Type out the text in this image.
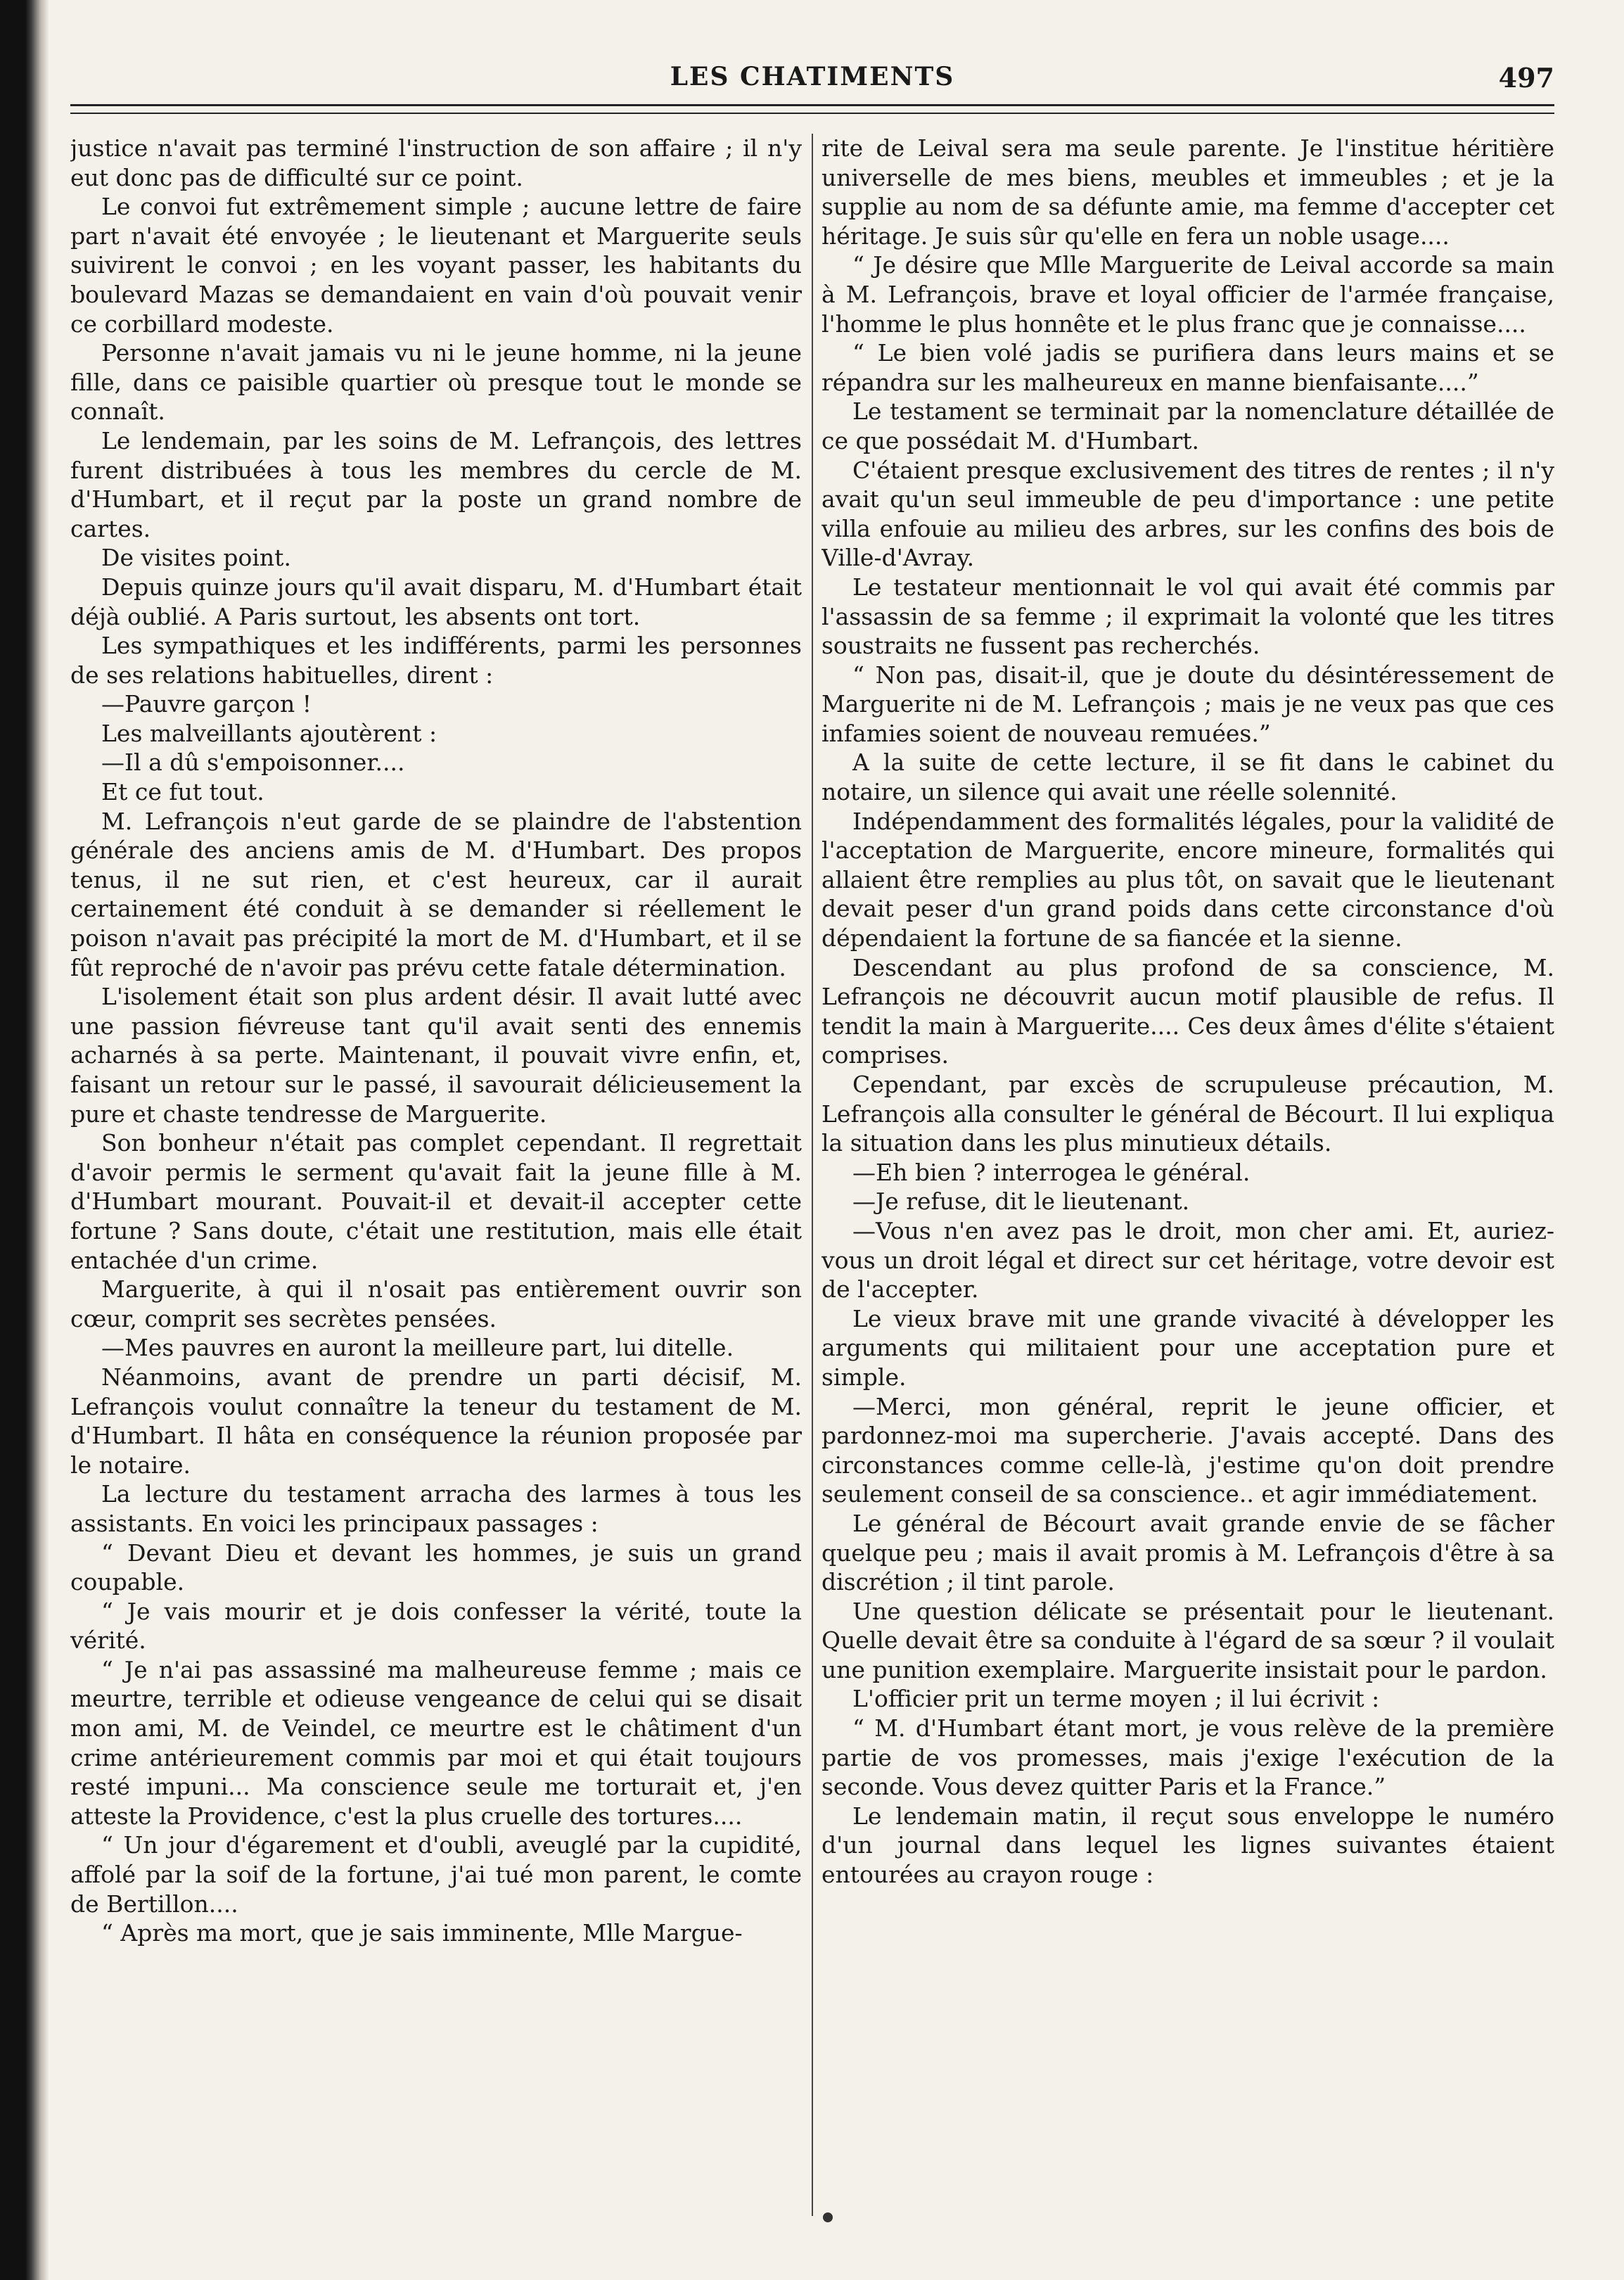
LES CHATIMENTS	497

justice n'avait pas terminé l'instruction de son affaire ; il n'y eut donc pas de difficulté sur ce point.

Le convoi fut extrêmement simple ; aucune lettre de faire part n'avait été envoyée ; le lieutenant et Marguerite seuls suivirent le convoi ; en les voyant passer, les habitants du boulevard Mazas se demandaient en vain d'où pouvait venir ce corbillard modeste.

Personne n'avait jamais vu ni le jeune homme, ni la jeune fille, dans ce paisible quartier où presque tout le monde se connaît.

Le lendemain, par les soins de M. Lefrançois, des lettres furent distribuées à tous les membres du cercle de M. d'Humbart, et il reçut par la poste un grand nombre de cartes.

De visites point.

Depuis quinze jours qu'il avait disparu, M. d'Humbart était déjà oublié. A Paris surtout, les absents ont tort.

Les sympathiques et les indifférents, parmi les personnes de ses relations habituelles, dirent :

—Pauvre garçon !

Les malveillants ajoutèrent :

—Il a dû s'empoisonner....

Et ce fut tout.

M. Lefrançois n'eut garde de se plaindre de l'abstention générale des anciens amis de M. d'Humbart. Des propos tenus, il ne sut rien, et c'est heureux, car il aurait certainement été conduit à se demander si réellement le poison n'avait pas précipité la mort de M. d'Humbart, et il se fût reproché de n'avoir pas prévu cette fatale détermination.

L'isolement était son plus ardent désir. Il avait lutté avec une passion fiévreuse tant qu'il avait senti des ennemis acharnés à sa perte. Maintenant, il pouvait vivre enfin, et, faisant un retour sur le passé, il savourait délicieusement la pure et chaste tendresse de Marguerite.

Son bonheur n'était pas complet cependant. Il regrettait d'avoir permis le serment qu'avait fait la jeune fille à M. d'Humbart mourant. Pouvait-il et devait-il accepter cette fortune ? Sans doute, c'était une restitution, mais elle était entachée d'un crime.

Marguerite, à qui il n'osait pas entièrement ouvrir son cœur, comprit ses secrètes pensées.

—Mes pauvres en auront la meilleure part, lui ditelle.

Néanmoins, avant de prendre un parti décisif, M. Lefrançois voulut connaître la teneur du testament de M. d'Humbart. Il hâta en conséquence la réunion proposée par le notaire.

La lecture du testament arracha des larmes à tous les assistants. En voici les principaux passages :

“ Devant Dieu et devant les hommes, je suis un grand coupable.

“ Je vais mourir et je dois confesser la vérité, toute la vérité.

“ Je n'ai pas assassiné ma malheureuse femme ; mais ce meurtre, terrible et odieuse vengeance de celui qui se disait mon ami, M. de Veindel, ce meurtre est le châtiment d'un crime antérieurement commis par moi et qui était toujours resté impuni... Ma conscience seule me torturait et, j'en atteste la Providence, c'est la plus cruelle des tortures....

“ Un jour d'égarement et d'oubli, aveuglé par la cupidité, affolé par la soif de la fortune, j'ai tué mon parent, le comte de Bertillon....

“ Après ma mort, que je sais imminente, Mlle Margue-

rite de Leival sera ma seule parente. Je l'institue héritière universelle de mes biens, meubles et immeubles ; et je la supplie au nom de sa défunte amie, ma femme d'accepter cet héritage. Je suis sûr qu'elle en fera un noble usage....

“ Je désire que Mlle Marguerite de Leival accorde sa main à M. Lefrançois, brave et loyal officier de l'armée française, l'homme le plus honnête et le plus franc que je connaisse....

“ Le bien volé jadis se purifiera dans leurs mains et se répandra sur les malheureux en manne bienfaisante....”

Le testament se terminait par la nomenclature détaillée de ce que possédait M. d'Humbart.

C'étaient presque exclusivement des titres de rentes ; il n'y avait qu'un seul immeuble de peu d'importance : une petite villa enfouie au milieu des arbres, sur les confins des bois de Ville-d'Avray.

Le testateur mentionnait le vol qui avait été commis par l'assassin de sa femme ; il exprimait la volonté que les titres soustraits ne fussent pas recherchés.

“ Non pas, disait-il, que je doute du désintéressement de Marguerite ni de M. Lefrançois ; mais je ne veux pas que ces infamies soient de nouveau remuées.”

A la suite de cette lecture, il se fit dans le cabinet du notaire, un silence qui avait une réelle solennité.

Indépendamment des formalités légales, pour la validité de l'acceptation de Marguerite, encore mineure, formalités qui allaient être remplies au plus tôt, on savait que le lieutenant devait peser d'un grand poids dans cette circonstance d'où dépendaient la fortune de sa fiancée et la sienne.

Descendant au plus profond de sa conscience, M. Lefrançois ne découvrit aucun motif plausible de refus. Il tendit la main à Marguerite.... Ces deux âmes d'élite s'étaient comprises.

Cependant, par excès de scrupuleuse précaution, M. Lefrançois alla consulter le général de Bécourt. Il lui expliqua la situation dans les plus minutieux détails.

—Eh bien ? interrogea le général.

—Je refuse, dit le lieutenant.

—Vous n'en avez pas le droit, mon cher ami. Et, auriez-vous un droit légal et direct sur cet héritage, votre devoir est de l'accepter.

Le vieux brave mit une grande vivacité à développer les arguments qui militaient pour une acceptation pure et simple.

—Merci, mon général, reprit le jeune officier, et pardonnez-moi ma supercherie. J'avais accepté. Dans des circonstances comme celle-là, j'estime qu'on doit prendre seulement conseil de sa conscience.. et agir immédiatement.

Le général de Bécourt avait grande envie de se fâcher quelque peu ; mais il avait promis à M. Lefrançois d'être à sa discrétion ; il tint parole.

Une question délicate se présentait pour le lieutenant. Quelle devait être sa conduite à l'égard de sa sœur ? il voulait une punition exemplaire. Marguerite insistait pour le pardon.

L'officier prit un terme moyen ; il lui écrivit :

“ M. d'Humbart étant mort, je vous relève de la première partie de vos promesses, mais j'exige l'exécution de la seconde. Vous devez quitter Paris et la France.”

Le lendemain matin, il reçut sous enveloppe le numéro d'un journal dans lequel les lignes suivantes étaient entourées au crayon rouge :
